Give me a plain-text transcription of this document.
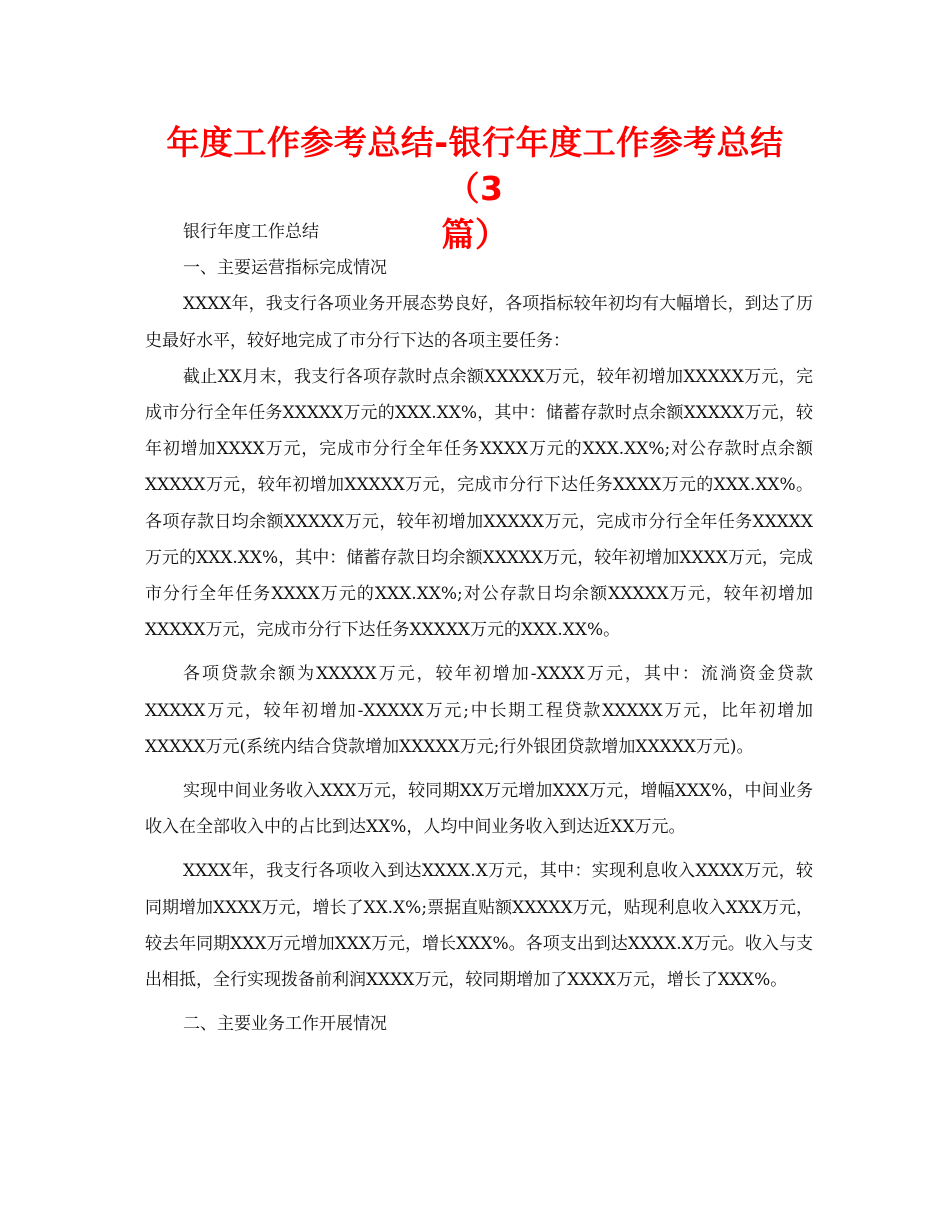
年度工作参考总结-银行年度工作参考总结（3
篇）

银行年度工作总结

一、主要运营指标完成情况

XXXX年，我支行各项业务开展态势良好，各项指标较年初均有大幅增长，到达了历史最好水平，较好地完成了市分行下达的各项主要任务：

截止XX月末，我支行各项存款时点余额XXXXX万元，较年初增加XXXXX万元，完成市分行全年任务XXXXX万元的XXX.XX%，其中：储蓄存款时点余额XXXXX万元，较年初增加XXXX万元，完成市分行全年任务XXXX万元的XXX.XX%;对公存款时点余额XXXXX万元，较年初增加XXXXX万元，完成市分行下达任务XXXX万元的XXX.XX%。各项存款日均余额XXXXX万元，较年初增加XXXXX万元，完成市分行全年任务XXXXX万元的XXX.XX%，其中：储蓄存款日均余额XXXXX万元，较年初增加XXXX万元，完成市分行全年任务XXXX万元的XXX.XX%;对公存款日均余额XXXXX万元，较年初增加XXXXX万元，完成市分行下达任务XXXXX万元的XXX.XX%。

各项贷款余额为XXXXX万元，较年初增加-XXXX万元，其中：流淌资金贷款XXXXX万元，较年初增加-XXXXX万元;中长期工程贷款XXXXX万元，比年初增加XXXXX万元(系统内结合贷款增加XXXXX万元;行外银团贷款增加XXXXX万元)。

实现中间业务收入XXX万元，较同期XX万元增加XXX万元，增幅XXX%，中间业务收入在全部收入中的占比到达XX%，人均中间业务收入到达近XX万元。

XXXX年，我支行各项收入到达XXXX.X万元，其中：实现利息收入XXXX万元，较同期增加XXXX万元，增长了XX.X%;票据直贴额XXXXX万元，贴现利息收入XXX万元，较去年同期XXX万元增加XXX万元，增长XXX%。各项支出到达XXXX.X万元。收入与支出相抵，全行实现拨备前利润XXXX万元，较同期增加了XXXX万元，增长了XXX%。

二、主要业务工作开展情况
